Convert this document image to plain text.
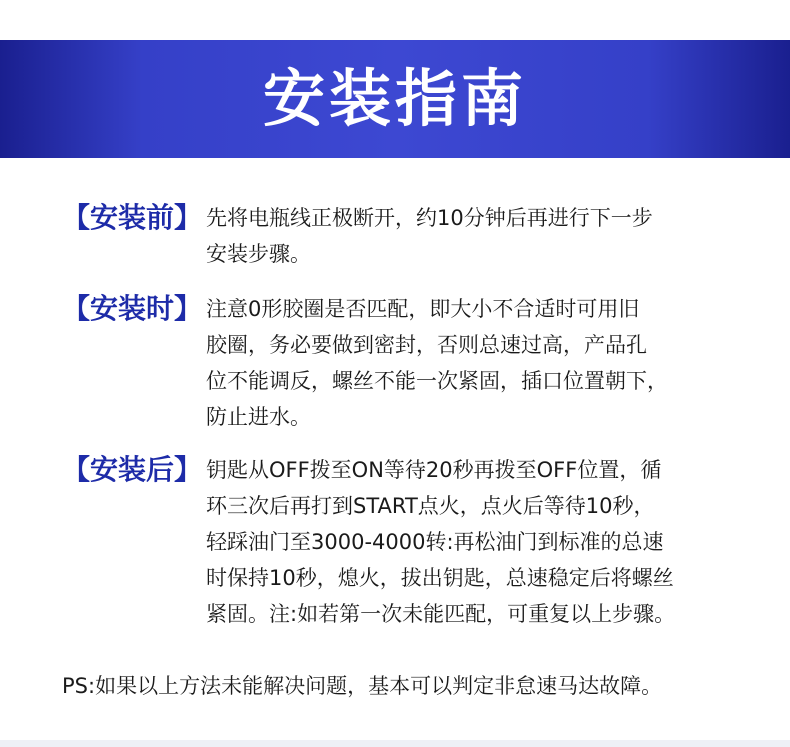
安装指南
【安装前】 先将电瓶线正极断开，约10分钟后再进行下一步
安装步骤。
【安装时】 注意0形胶圈是否匹配，即大小不合适时可用旧
胶圈，务必要做到密封，否则总速过高，产品孔
位不能调反，螺丝不能一次紧固，插口位置朝下，
防止进水。
【安装后】 钥匙从OFF拨至ON等待20秒再拨至OFF位置，循
环三次后再打到START点火，点火后等待10秒，
轻踩油门至3000-4000转:再松油门到标准的总速
时保持10秒，熄火，拔出钥匙，总速稳定后将螺丝
紧固。注:如若第一次未能匹配，可重复以上步骤。
PS:如果以上方法未能解决问题，基本可以判定非怠速马达故障。
